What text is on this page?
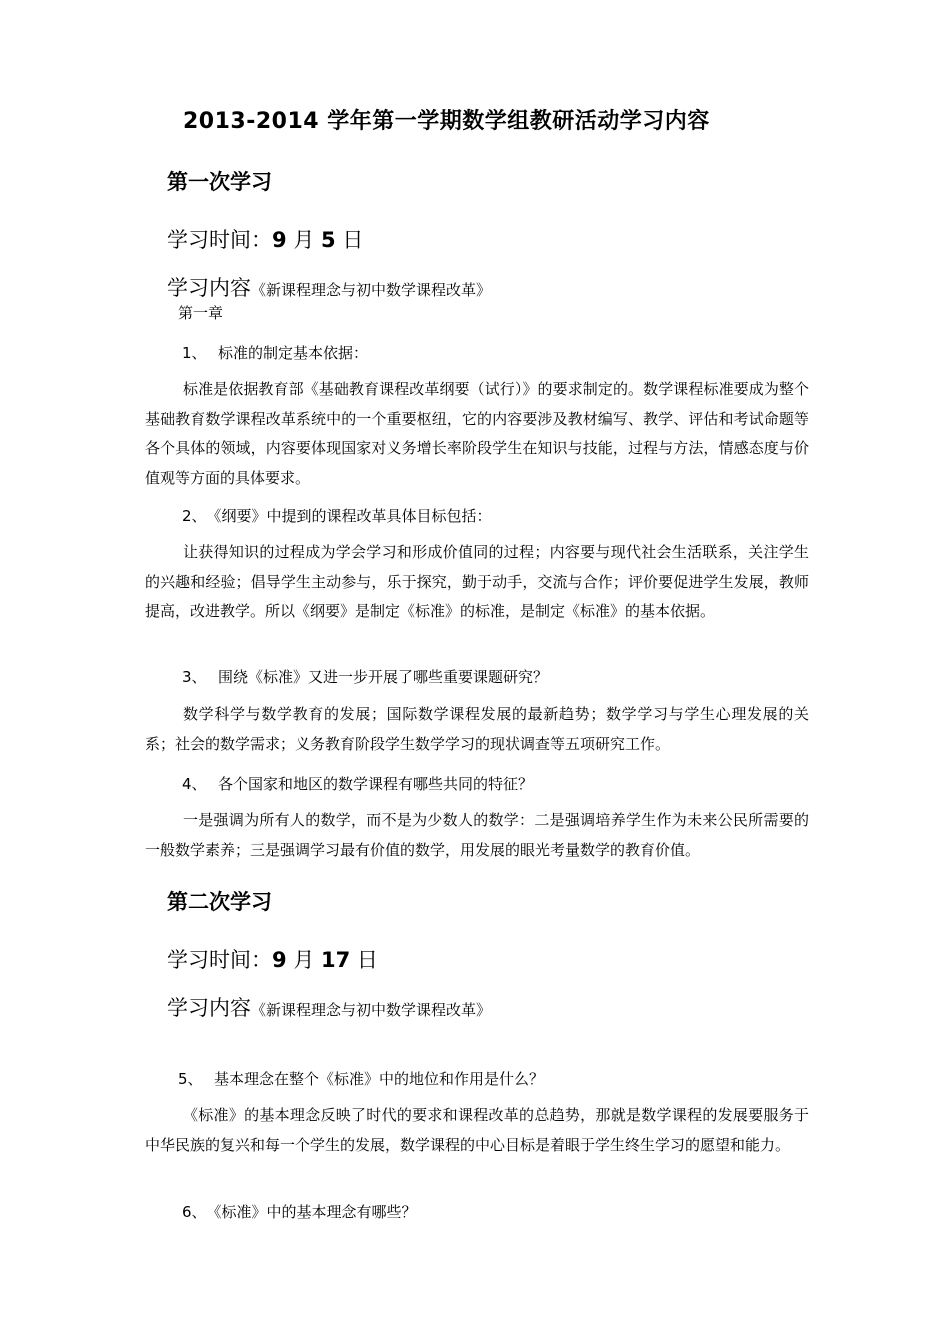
2013-2014 学年第一学期数学组教研活动学习内容
第一次学习
学习时间：9 月 5 日
学习内容《新课程理念与初中数学课程改革》
第一章
1、 标准的制定基本依据：

标准是依据教育部《基础教育课程改革纲要（试行）》的要求制定的。数学课程标准要成为整个基础教育数学课程改革系统中的一个重要枢纽，它的内容要涉及教材编写、教学、评估和考试命题等各个具体的领域，内容要体现国家对义务增长率阶段学生在知识与技能，过程与方法，情感态度与价值观等方面的具体要求。

2、《纲要》中提到的课程改革具体目标包括：

让获得知识的过程成为学会学习和形成价值同的过程；内容要与现代社会生活联系，关注学生的兴趣和经验；倡导学生主动参与，乐于探究，勤于动手，交流与合作；评价要促进学生发展，教师提高，改进教学。所以《纲要》是制定《标准》的标准，是制定《标准》的基本依据。

3、 围绕《标准》又进一步开展了哪些重要课题研究？

数学科学与数学教育的发展；国际数学课程发展的最新趋势；数学学习与学生心理发展的关系；社会的数学需求；义务教育阶段学生数学学习的现状调查等五项研究工作。

4、 各个国家和地区的数学课程有哪些共同的特征？

一是强调为所有人的数学，而不是为少数人的数学：二是强调培养学生作为未来公民所需要的一般数学素养；三是强调学习最有价值的数学，用发展的眼光考量数学的教育价值。

第二次学习
学习时间：9 月 17 日
学习内容《新课程理念与初中数学课程改革》
5、 基本理念在整个《标准》中的地位和作用是什么？

《标准》的基本理念反映了时代的要求和课程改革的总趋势，那就是数学课程的发展要服务于中华民族的复兴和每一个学生的发展，数学课程的中心目标是着眼于学生终生学习的愿望和能力。

6、《标准》中的基本理念有哪些？
